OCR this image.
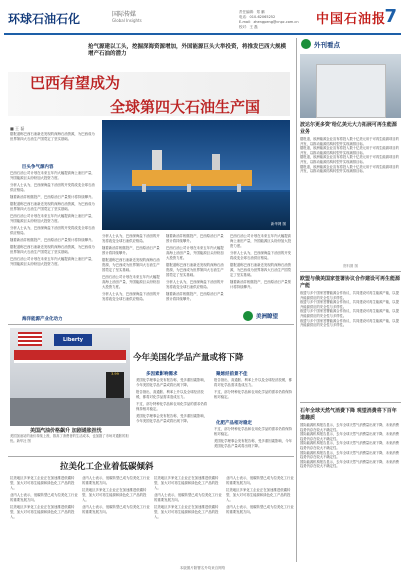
环球石油石化	国际传媒
Global Insights
责任编辑：郑 鹏
电话：010-62065252
E-mail：zhengpeng@cnpc.com.cn
校对：王 磊	中国石油报
7
抢气源建以工头，挖掘深海资源增加，外国能源巨头大举投资，将推发巴西大规模增产石油的潜力
巴西有望成为
全球第四大石油生产国
■ 王 磊
新华网 图
巨头争气源内容

据报道称巴西石油新近发现的深海石油资源，为巴西成为世界第四大石油生产国奠定了坚实基础。

巴西石油公司计划在未来五年内大幅提高海上油田产量，外国能源巨头纷纷加大投资力度。

分析人士认为，巴西深海盐下油田的开发将改变全球石油供应格局。

随着新油井相继投产，巴西原油日产量预计将持续攀升。

据报道称巴西石油新近发现的深海石油资源，为巴西成为世界第四大石油生产国奠定了坚实基础。

巴西石油公司计划在未来五年内大幅提高海上油田产量，外国能源巨头纷纷加大投资力度。

分析人士认为，巴西深海盐下油田的开发将改变全球石油供应格局。

随着新油井相继投产，巴西原油日产量预计将持续攀升。

据报道称巴西石油新近发现的深海石油资源，为巴西成为世界第四大石油生产国奠定了坚实基础。

巴西石油公司计划在未来五年内大幅提高海上油田产量，外国能源巨头纷纷加大投资力度。

海洋能源产业化动力

分析人士认为，巴西深海盐下油田的开发将改变全球石油供应格局。

随着新油井相继投产，巴西原油日产量预计将持续攀升。

据报道称巴西石油新近发现的深海石油资源，为巴西成为世界第四大石油生产国奠定了坚实基础。

巴西石油公司计划在未来五年内大幅提高海上油田产量，外国能源巨头纷纷加大投资力度。

分析人士认为，巴西深海盐下油田的开发将改变全球石油供应格局。

随着新油井相继投产，巴西原油日产量预计将持续攀升。

巴西石油公司计划在未来五年内大幅提高海上油田产量，外国能源巨头纷纷加大投资力度。

据报道称巴西石油新近发现的深海石油资源，为巴西成为世界第四大石油生产国奠定了坚实基础。

分析人士认为，巴西深海盐下油田的开发将改变全球石油供应格局。

随着新油井相继投产，巴西原油日产量预计将持续攀升。

巴西石油公司计划在未来五年内大幅提高海上油田产量，外国能源巨头纷纷加大投资力度。

分析人士认为，巴西深海盐下油田的开发将改变全球石油供应格局。

据报道称巴西石油新近发现的深海石油资源，为巴西成为世界第四大石油生产国奠定了坚实基础。

随着新油井相继投产，巴西原油日产量预计将持续攀升。

美洲瞭望
Liberty
3.99
美国汽油价格飙升 加剧通胀担忧
美国加油站的油价持续上涨，推高了消费者的生活成本，也加剧了市场对通胀的担忧。新华社 图
今年美国化学品产量或将下降
多因素影响需求

美国化学理事会发布报告称，受多重因素影响，今年美国化学品产量或将出现下降。

报告指出，高通胀、利率上升以及全球经济放缓，都将对化学品需求造成压力。

不过，部分特种化学品和农用化学品的需求仍将保持相对稳定。

美国化学理事会发布报告称，受多重因素影响，今年美国化学品产量或将出现下降。

聚烯烃前景不佳

报告指出，高通胀、利率上升以及全球经济放缓，都将对化学品需求造成压力。

不过，部分特种化学品和农用化学品的需求仍将保持相对稳定。

化肥产品相对稳定

不过，部分特种化学品和农用化学品的需求仍将保持相对稳定。

美国化学理事会发布报告称，受多重因素影响，今年美国化学品产量或将出现下降。

拉美化工企业着低碳倾斜

拉美地区多家化工企业正在加速推进低碳转型，加大对可再生能源和绿色化工产品的投入。

业内人士表示，低碳转型已成为拉美化工行业的重要发展方向。

拉美地区多家化工企业正在加速推进低碳转型，加大对可再生能源和绿色化工产品的投入。

业内人士表示，低碳转型已成为拉美化工行业的重要发展方向。

拉美地区多家化工企业正在加速推进低碳转型，加大对可再生能源和绿色化工产品的投入。

业内人士表示，低碳转型已成为拉美化工行业的重要发展方向。

拉美地区多家化工企业正在加速推进低碳转型，加大对可再生能源和绿色化工产品的投入。

业内人士表示，低碳转型已成为拉美化工行业的重要发展方向。

拉美地区多家化工企业正在加速推进低碳转型，加大对可再生能源和绿色化工产品的投入。

业内人士表示，低碳转型已成为拉美化工行业的重要发展方向。

拉美地区多家化工企业正在加速推进低碳转型，加大对可再生能源和绿色化工产品的投入。

业内人士表示，低碳转型已成为拉美化工行业的重要发展方向。

外刊看点
波达尔更多资’给亿美元大力拓展可再生能源业务

据报道，欧洲能源企业宣布将投入数十亿美元用于可再生能源项目的开发，以推动能源结构转型并实现减排目标。

据报道，欧洲能源企业宣布将投入数十亿美元用于可再生能源项目的开发，以推动能源结构转型并实现减排目标。

据报道，欧洲能源企业宣布将投入数十亿美元用于可再生能源项目的开发，以推动能源结构转型并实现减排目标。

据报道，欧洲能源企业宣布将投入数十亿美元用于可再生能源项目的开发，以推动能源结构转型并实现减排目标。

资料图 图
欧盟与俄美国家签署协议合作建设可再生能源产能

欧盟与多个国家签署能源合作协议，共同建设可再生能源产能，以提升能源供应的安全性与多样性。

欧盟与多个国家签署能源合作协议，共同建设可再生能源产能，以提升能源供应的安全性与多样性。

欧盟与多个国家签署能源合作协议，共同建设可再生能源产能，以提升能源供应的安全性与多样性。

欧盟与多个国家签署能源合作协议，共同建设可再生能源产能，以提升能源供应的安全性与多样性。

石年全球天然气消费下降 观望消费将下百年道趣质

国际能源机构报告显示，去年全球天然气消费量出现下降，未来消费趋势仍存在较大不确定性。

国际能源机构报告显示，去年全球天然气消费量出现下降，未来消费趋势仍存在较大不确定性。

国际能源机构报告显示，去年全球天然气消费量出现下降，未来消费趋势仍存在较大不确定性。

国际能源机构报告显示，去年全球天然气消费量出现下降，未来消费趋势仍存在较大不确定性。

国际能源机构报告显示，去年全球天然气消费量出现下降，未来消费趋势仍存在较大不确定性。

本版图片除署名外均来自网络
